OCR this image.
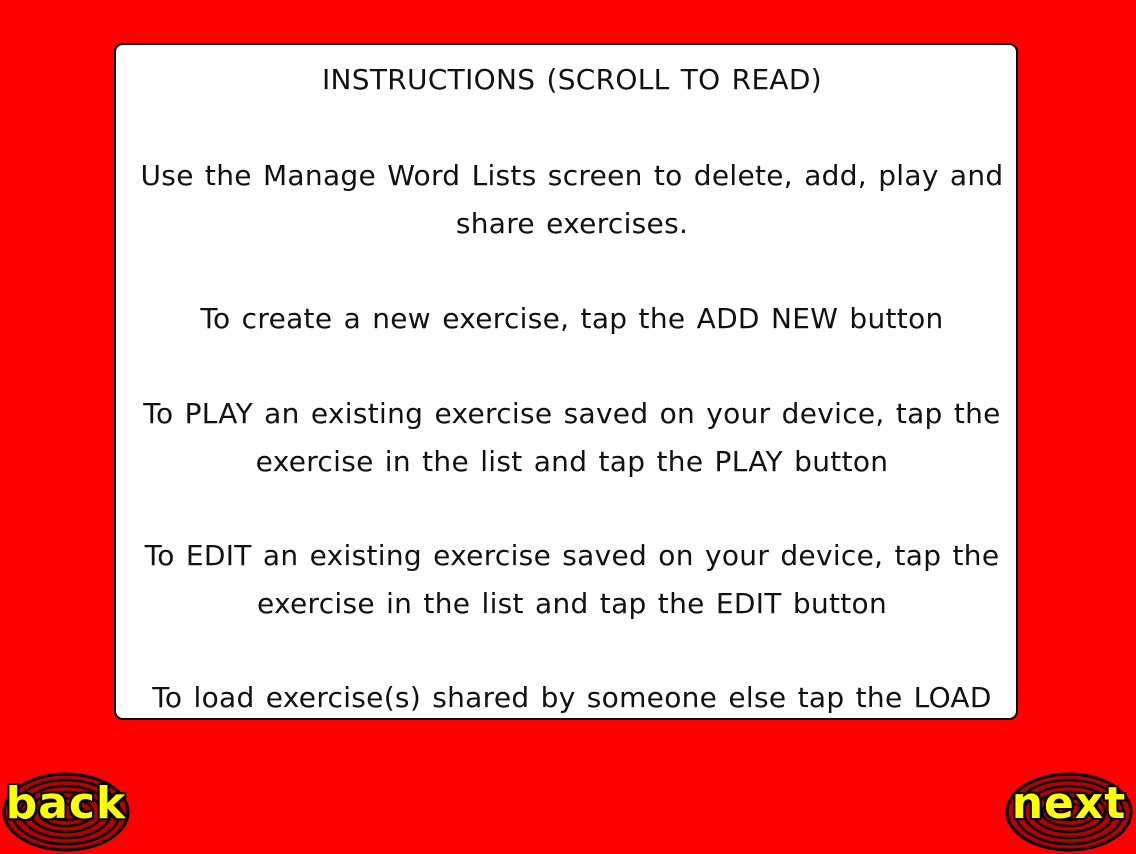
INSTRUCTIONS (SCROLL TO READ)

Use the Manage Word Lists screen to delete, add, play and share exercises.

To create a new exercise, tap the ADD NEW button

To PLAY an existing exercise saved on your device, tap the exercise in the list and tap the PLAY button

To EDIT an existing exercise saved on your device, tap the exercise in the list and tap the EDIT button

To load exercise(s) shared by someone else tap the LOAD

back	next
